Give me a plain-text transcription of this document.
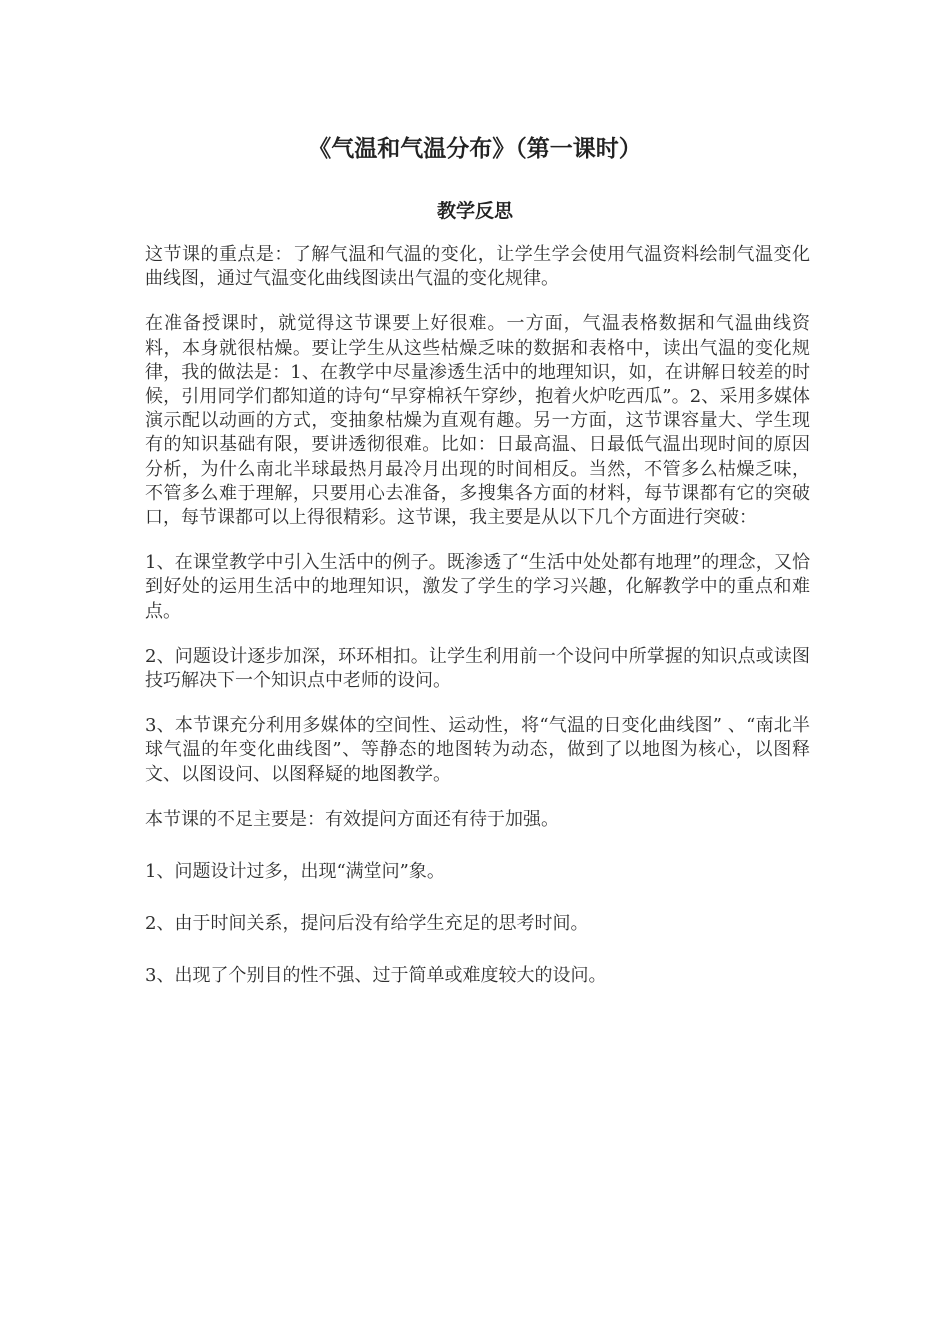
《气温和气温分布》（第一课时）
教学反思

这节课的重点是：了解气温和气温的变化，让学生学会使用气温资料绘制气温变化曲线图，通过气温变化曲线图读出气温的变化规律。

在准备授课时，就觉得这节课要上好很难。一方面，气温表格数据和气温曲线资料，本身就很枯燥。要让学生从这些枯燥乏味的数据和表格中，读出气温的变化规律，我的做法是：1、在教学中尽量渗透生活中的地理知识，如，在讲解日较差的时候，引用同学们都知道的诗句“早穿棉袄午穿纱，抱着火炉吃西瓜”。2、采用多媒体演示配以动画的方式，变抽象枯燥为直观有趣。另一方面，这节课容量大、学生现有的知识基础有限，要讲透彻很难。比如：日最高温、日最低气温出现时间的原因分析，为什么南北半球最热月最冷月出现的时间相反。当然，不管多么枯燥乏味，不管多么难于理解，只要用心去准备，多搜集各方面的材料，每节课都有它的突破口，每节课都可以上得很精彩。这节课，我主要是从以下几个方面进行突破：

1、在课堂教学中引入生活中的例子。既渗透了“生活中处处都有地理”的理念，又恰到好处的运用生活中的地理知识，激发了学生的学习兴趣，化解教学中的重点和难点。

2、问题设计逐步加深，环环相扣。让学生利用前一个设问中所掌握的知识点或读图技巧解决下一个知识点中老师的设问。

3、本节课充分利用多媒体的空间性、运动性，将“气温的日变化曲线图” 、“南北半球气温的年变化曲线图”、等静态的地图转为动态，做到了以地图为核心，以图释文、以图设问、以图释疑的地图教学。

本节课的不足主要是：有效提问方面还有待于加强。

1、问题设计过多，出现“满堂问”象。

2、由于时间关系，提问后没有给学生充足的思考时间。

3、出现了个别目的性不强、过于简单或难度较大的设问。
